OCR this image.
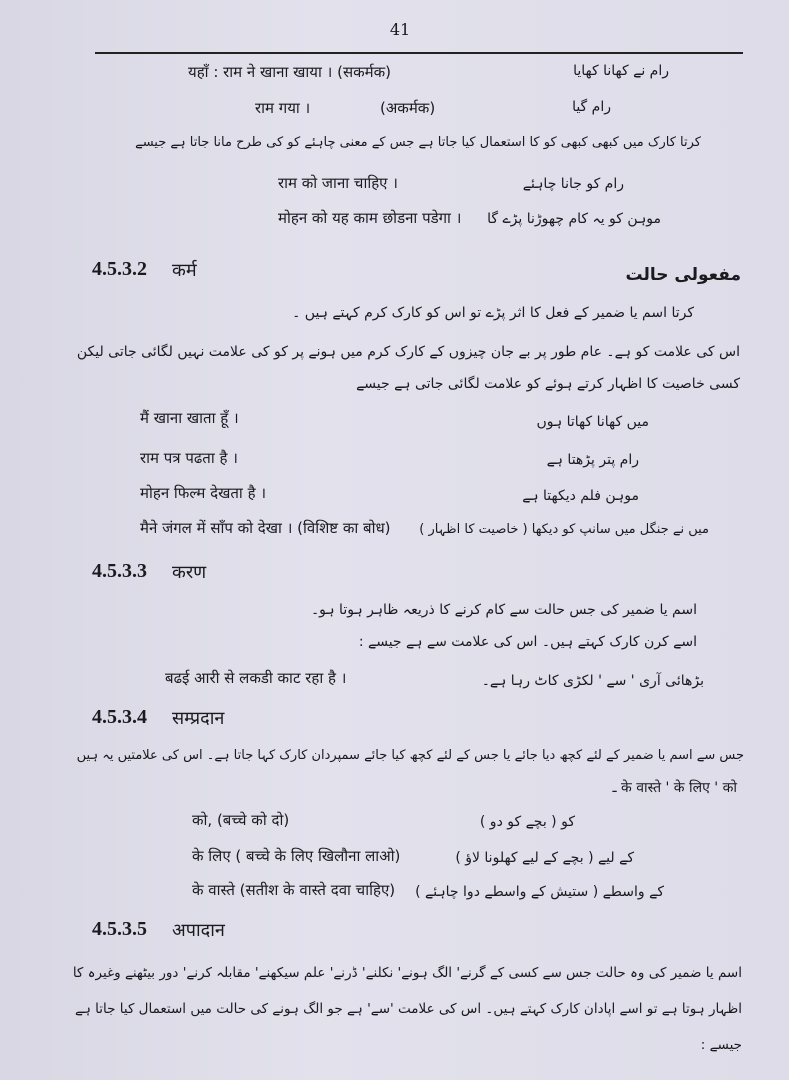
41
यहाँ : राम ने खाना खाया । (सकर्मक)	رام نے کھانا کھایا
राम गया ।	(अकर्मक)	رام گیا
کرتا کارک میں کبھی کبھی کو کا استعمال کیا جاتا ہے جس کے معنی چاہئے کو کی طرح مانا جاتا ہے جیسے
राम को जाना चाहिए ।	رام کو جانا چاہئے
मोहन को यह काम छोडना पडेगा । موہن کو یہ کام چھوڑنا پڑے گا
4.5.3.2 कर्म	مفعولی حالت
کرتا اسم یا ضمیر کے فعل کا اثر پڑے تو اس کو کارک کرم کہتے ہیں ۔
اس کی علامت کو ہے۔ عام طور پر بے جان چیزوں کے کارک کرم میں ہونے پر کو کی علامت نہیں لگائی جاتی لیکن کسی خاصیت کا اظہار کرتے ہوئے کو علامت لگائی جاتی ہے جیسے
मैं खाना खाता हूँ ।	میں کھانا کھاتا ہوں
राम पत्र पढता है ।	رام پتر پڑھتا ہے
मोहन फिल्म देखता है ।	موہن فلم دیکھتا ہے
मैने जंगल में साँप को देखा । (विशिष्ट का बोध) میں نے جنگل میں سانپ کو دیکھا ( خاصیت کا اظہار )
4.5.3.3 करण
اسم یا ضمیر کی جس حالت سے کام کرنے کا ذریعہ ظاہر ہوتا ہو۔
اسے کرن کارک کہتے ہیں۔ اس کی علامت سے ہے جیسے :
बढई आरी से लकडी काट रहा है ।	بڑھائی آری ' سے ' لکڑی کاٹ رہا ہے۔
4.5.3.4 सम्प्रदान
جس سے اسم یا ضمیر کے لئے کچھ دیا جائے یا جس کے لئے کچھ کیا جائے سمپردان کارک کہا جاتا ہے۔ اس کی علامتیں یہ ہیں
ـ के वास्ते ' के लिए ' को
को, (बच्चे को दो)	کو ( بچے کو دو )
के लिए ( बच्चे के लिए खिलौना लाओ)	کے لیے ( بچے کے لیے کھلونا لاؤ )
के वास्ते (सतीश के वास्ते दवा चाहिए) کے واسطے ( ستیش کے واسطے دوا چاہئے )
4.5.3.5 अपादान
اسم یا ضمیر کی وہ حالت جس سے کسی کے گرنے' الگ ہونے' نکلنے' ڈرنے' علم سیکھنے' مقابلہ کرنے' دور بیٹھنے وغیرہ کا اظہار ہوتا ہے تو اسے اپادان کارک کہتے ہیں۔ اس کی علامت 'سے' ہے جو الگ ہونے کی حالت میں استعمال کیا جاتا ہے جیسے :
